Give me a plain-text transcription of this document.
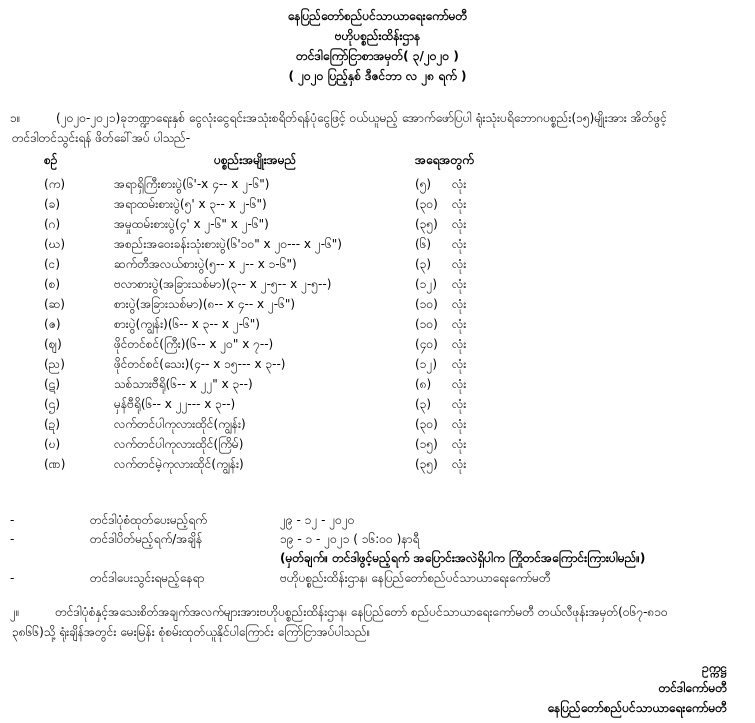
နေပြည်တော်စည်ပင်သာယာရေးကော်မတီ
ဗဟိုပစ္စည်းထိန်းဌာန
တင်ဒါကြော်ငြာစာအမှတ်( ၃/၂၀၂၀ )
( ၂၀၂၀ ပြည့်နှစ် ဒီဇင်ဘာ လ ၂၈ ရက် )
၁။	(၂၀၂၀-၂၀၂၁)ခုဘဏ္ဍာရေးနှစ် ငွေလုံးငွေရင်းအသုံးစရိတ်ရန်ပုံငွေဖြင့် ဝယ်ယူမည့် အောက်ဖော်ပြပါ ရုံးသုံးပရိဘောဂပစ္စည်း(၁၅)မျိုးအား အိတ်ဖွင့်
တင်ဒါတင်သွင်းရန် ဖိတ်ခေါ်အပ် ပါသည်-
စဉ်	ပစ္စည်းအမျိုးအမည်	အရေအတွက်
(က)	အရာရှိကြီးစားပွဲ(၆'-x ၄-- x ၂-၆")	(၅) လုံး
(ခ)	အရာထမ်းစားပွဲ(၅' x ၃-- x ၂-၆")	(၃၀) လုံး
(ဂ)	အမှုထမ်းစားပွဲ(၄' x ၂-၆" x ၂-၆")	(၃၅) လုံး
(ဃ)	အစည်းအဝေးခန်းသုံးစားပွဲ(၆'၁၀" x ၂၀--- x ၂-၆")	(၆) လုံး
(င)	ဆက်တီအလယ်စားပွဲ(၅-- x ၂-- x ၁-၆")	(၃) လုံး
(စ)	ဗလာစားပွဲ(အခြားသစ်မာ)(၃-- x ၂-၅-- x ၂-၅--)	(၁၂) လုံး
(ဆ)	စားပွဲ(အခြားသစ်မာ)(၈-- x ၄-- x ၂-၆")	(၁၀) လုံး
(ဇ)	စားပွဲ(ကျွန်း)(၆-- x ၃-- x ၂-၆")	(၁၀) လုံး
(ဈ)	ဖိုင်တင်စင်(ကြီး)(၆-- x ၂၀" x ၇--)	(၄၀) လုံး
(ည)	ဖိုင်တင်စင်(သေး)(၄-- x ၁၅--- x ၃--)	(၁၂) လုံး
(ဋ)	သစ်သားဗီရို(၆-- x ၂၂" x ၃--)	(၈) လုံး
(ဌ)	မှန်ဗီရို(၆-- x ၂၂--- x ၃--)	(၃) လုံး
(ဍ)	လက်တင်ပါကုလားထိုင်(ကျွန်း)	(၃၀) လုံး
(ဎ)	လက်တင်ပါကုလားထိုင်(ကြိမ်)	(၁၅) လုံး
(ဏ)	လက်တင်မဲ့ကုလားထိုင်(ကျွန်း)	(၃၅) လုံး
-	တင်ဒါပုံစံထုတ်ပေးမည့်ရက်	၂၉ - ၁၂ - ၂၀၂၀
-	တင်ဒါပိတ်မည့်ရက်/အချိန်	၁၉ - ၁ - ၂၀၂၁ ( ၁၆:၀၀ )နာရီ
(မှတ်ချက်။ တင်ဒါဖွင့်မည့်ရက် အပြောင်းအလဲရှိပါက ကြိုတင်အကြောင်းကြားပါမည်။)
-	တင်ဒါပေးသွင်းရမည့်နေရာ	ဗဟိုပစ္စည်းထိန်းဌာန၊ နေပြည်တော်စည်ပင်သာယာရေးကော်မတီ
၂။	တင်ဒါပုံစံနှင့်အသေးစိတ်အချက်အလက်များအားဗဟိုပစ္စည်းထိန်းဌာန၊ နေပြည်တော် စည်ပင်သာယာရေးကော်မတီ တယ်လီဖုန်းအမှတ်(၀၆၇-၈၁၀
၃၈၆၆)သို့ ရုံးချိန်အတွင်း မေးမြန်း စုံစမ်းထုတ်ယူနိုင်ပါကြောင်း ကြော်ငြာအပ်ပါသည်။
ဥက္ကဋ္ဌ
တင်ဒါကော်မတီ
နေပြည်တော်စည်ပင်သာယာရေးကော်မတီ
